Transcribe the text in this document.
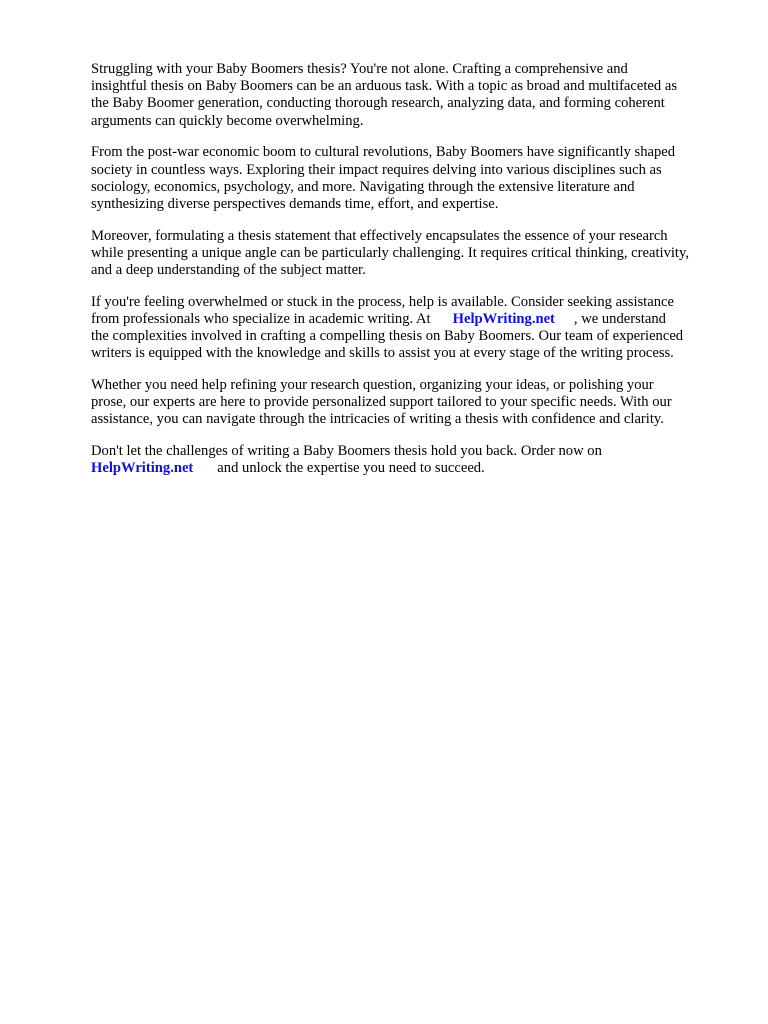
Struggling with your Baby Boomers thesis? You're not alone. Crafting a comprehensive and
insightful thesis on Baby Boomers can be an arduous task. With a topic as broad and multifaceted as
the Baby Boomer generation, conducting thorough research, analyzing data, and forming coherent
arguments can quickly become overwhelming.

From the post-war economic boom to cultural revolutions, Baby Boomers have significantly shaped
society in countless ways. Exploring their impact requires delving into various disciplines such as
sociology, economics, psychology, and more. Navigating through the extensive literature and
synthesizing diverse perspectives demands time, effort, and expertise.

Moreover, formulating a thesis statement that effectively encapsulates the essence of your research
while presenting a unique angle can be particularly challenging. It requires critical thinking, creativity,
and a deep understanding of the subject matter.

If you're feeling overwhelmed or stuck in the process, help is available. Consider seeking assistance
from professionals who specialize in academic writing. At HelpWriting.net , we understand
the complexities involved in crafting a compelling thesis on Baby Boomers. Our team of experienced
writers is equipped with the knowledge and skills to assist you at every stage of the writing process.

Whether you need help refining your research question, organizing your ideas, or polishing your
prose, our experts are here to provide personalized support tailored to your specific needs. With our
assistance, you can navigate through the intricacies of writing a thesis with confidence and clarity.

Don't let the challenges of writing a Baby Boomers thesis hold you back. Order now on
HelpWriting.net and unlock the expertise you need to succeed.
